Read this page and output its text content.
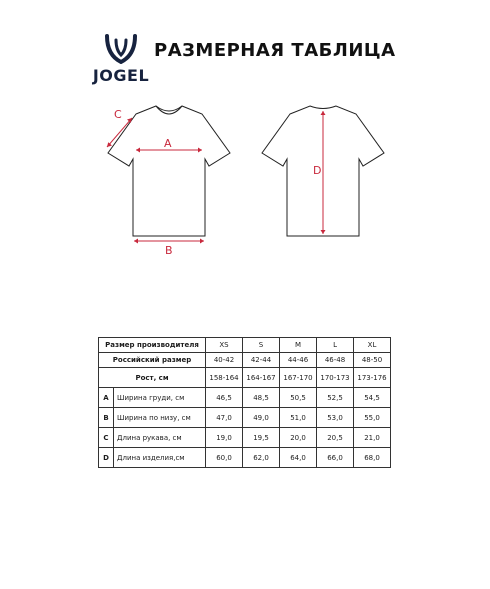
JOGEL
РАЗМЕРНАЯ ТАБЛИЦА
A
B
C
D
Размер производителя		XS	S	M	L	XL
Российский размер		40-42	42-44	44-46	46-48	48-50
Рост, см		158-164	164-167	167-170	170-173	173-176
A	Ширина груди, см	46,5	48,5	50,5	52,5	54,5
B	Ширина по низу, см	47,0	49,0	51,0	53,0	55,0
C	Длина рукава, см	19,0	19,5	20,0	20,5	21,0
D	Длина изделия,см	60,0	62,0	64,0	66,0	68,0
